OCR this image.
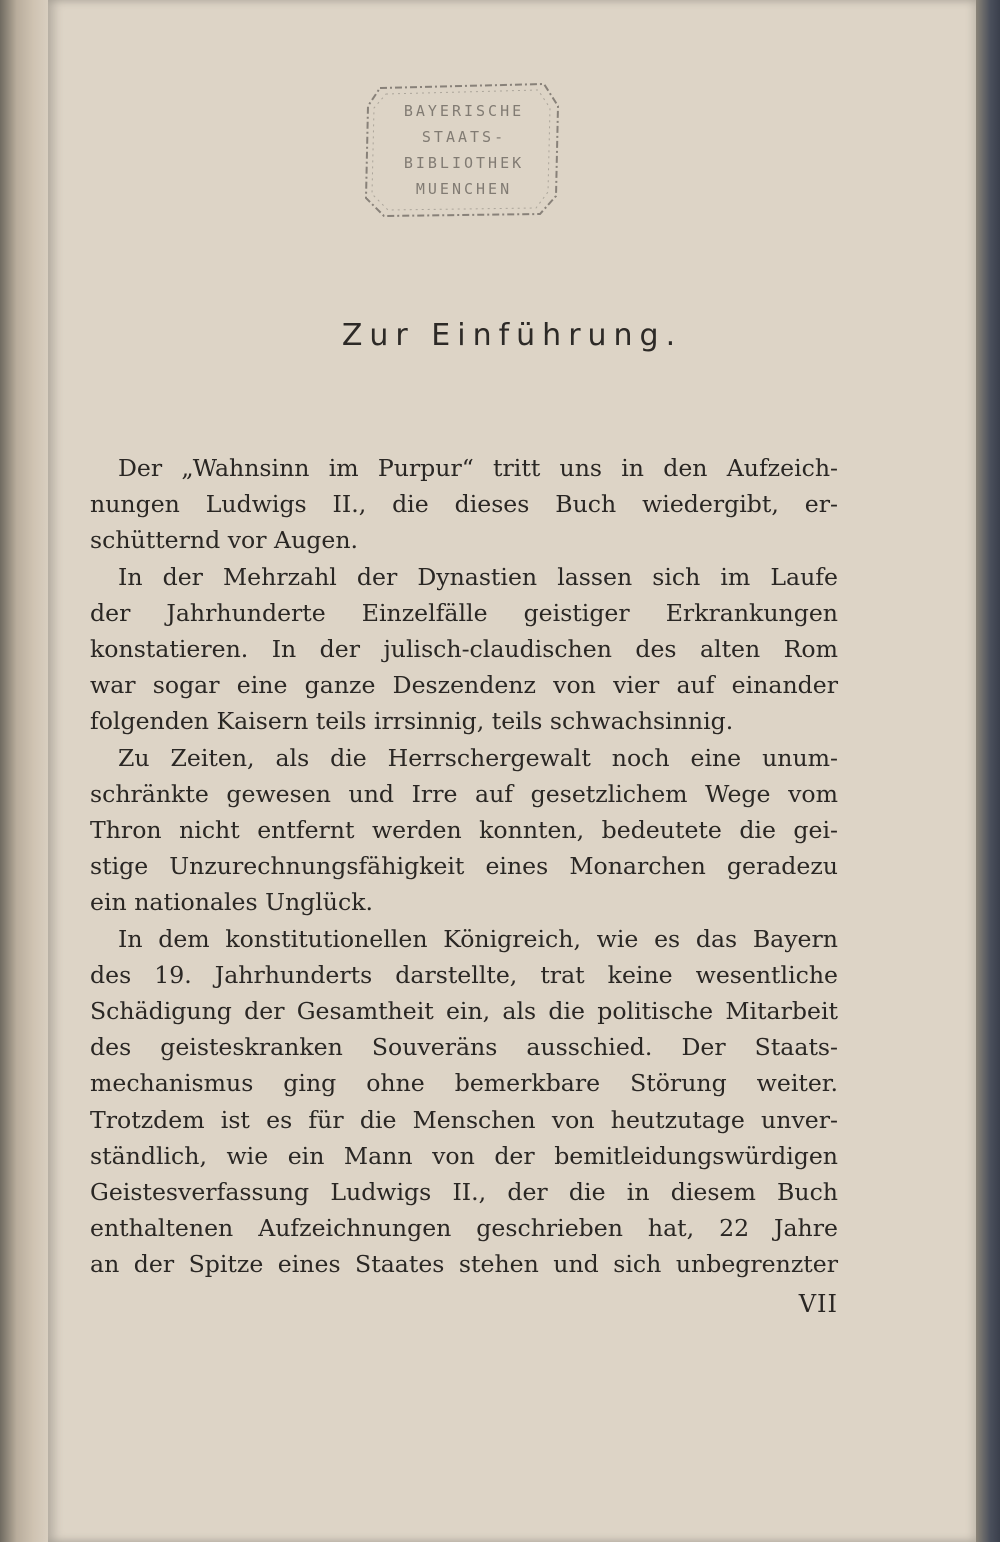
BAYERISCHE
STAATS-
BIBLIOTHEK
MUENCHEN
Zur Einführung.

Der „Wahnsinn im Purpur“ tritt uns in den Aufzeich-
nungen Ludwigs II., die dieses Buch wiedergibt, er-
schütternd vor Augen.

In der Mehrzahl der Dynastien lassen sich im Laufe
der Jahrhunderte Einzelfälle geistiger Erkrankungen
konstatieren. In der julisch-claudischen des alten Rom
war sogar eine ganze Deszendenz von vier auf einander
folgenden Kaisern teils irrsinnig, teils schwachsinnig.

Zu Zeiten, als die Herrschergewalt noch eine unum-
schränkte gewesen und Irre auf gesetzlichem Wege vom
Thron nicht entfernt werden konnten, bedeutete die gei-
stige Unzurechnungsfähigkeit eines Monarchen geradezu
ein nationales Unglück.

In dem konstitutionellen Königreich, wie es das Bayern
des 19. Jahrhunderts darstellte, trat keine wesentliche
Schädigung der Gesamtheit ein, als die politische Mitarbeit
des geisteskranken Souveräns ausschied. Der Staats-
mechanismus ging ohne bemerkbare Störung weiter.
Trotzdem ist es für die Menschen von heutzutage unver-
ständlich, wie ein Mann von der bemitleidungswürdigen
Geistesverfassung Ludwigs II., der die in diesem Buch
enthaltenen Aufzeichnungen geschrieben hat, 22 Jahre
an der Spitze eines Staates stehen und sich unbegrenzter

VII
